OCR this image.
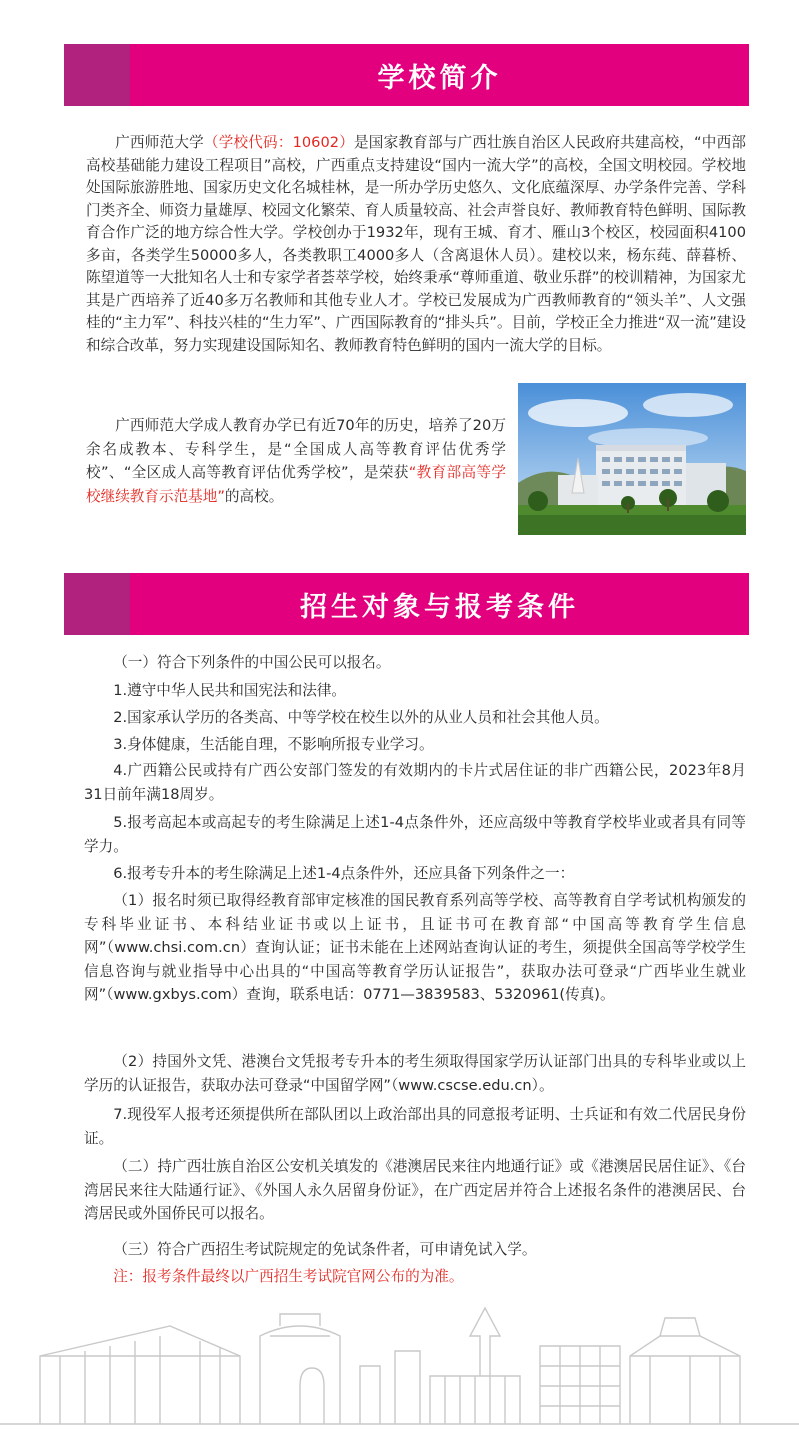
学校简介

广西师范大学（学校代码：10602）是国家教育部与广西壮族自治区人民政府共建高校，“中西部高校基础能力建设工程项目”高校，广西重点支持建设“国内一流大学”的高校，全国文明校园。学校地处国际旅游胜地、国家历史文化名城桂林，是一所办学历史悠久、文化底蕴深厚、办学条件完善、学科门类齐全、师资力量雄厚、校园文化繁荣、育人质量较高、社会声誉良好、教师教育特色鲜明、国际教育合作广泛的地方综合性大学。学校创办于1932年，现有王城、育才、雁山3个校区，校园面积4100多亩，各类学生50000多人，各类教职工4000多人（含离退休人员）。建校以来，杨东莼、薛暮桥、陈望道等一大批知名人士和专家学者荟萃学校，始终秉承“尊师重道、敬业乐群”的校训精神，为国家尤其是广西培养了近40多万名教师和其他专业人才。学校已发展成为广西教师教育的“领头羊”、人文强桂的“主力军”、科技兴桂的“生力军”、广西国际教育的“排头兵”。目前，学校正全力推进“双一流”建设和综合改革，努力实现建设国际知名、教师教育特色鲜明的国内一流大学的目标。

广西师范大学成人教育办学已有近70年的历史，培养了20万余名成教本、专科学生，是“全国成人高等教育评估优秀学校”、“全区成人高等教育评估优秀学校”，是荣获“教育部高等学校继续教育示范基地”的高校。

招生对象与报考条件

（一）符合下列条件的中国公民可以报名。

1.遵守中华人民共和国宪法和法律。

2.国家承认学历的各类高、中等学校在校生以外的从业人员和社会其他人员。

3.身体健康，生活能自理，不影响所报专业学习。

4.广西籍公民或持有广西公安部门签发的有效期内的卡片式居住证的非广西籍公民，2023年8月31日前年满18周岁。

5.报考高起本或高起专的考生除满足上述1-4点条件外，还应高级中等教育学校毕业或者具有同等学力。

6.报考专升本的考生除满足上述1-4点条件外，还应具备下列条件之一：

（1）报名时须已取得经教育部审定核准的国民教育系列高等学校、高等教育自学考试机构颁发的专科毕业证书、本科结业证书或以上证书，且证书可在教育部“中国高等教育学生信息网”（www.chsi.com.cn）查询认证；证书未能在上述网站查询认证的考生，须提供全国高等学校学生信息咨询与就业指导中心出具的“中国高等教育学历认证报告”，获取办法可登录“广西毕业生就业网”（www.gxbys.com）查询，联系电话：0771—3839583、5320961(传真)。

（2）持国外文凭、港澳台文凭报考专升本的考生须取得国家学历认证部门出具的专科毕业或以上学历的认证报告，获取办法可登录“中国留学网”（www.cscse.edu.cn）。

7.现役军人报考还须提供所在部队团以上政治部出具的同意报考证明、士兵证和有效二代居民身份证。

（二）持广西壮族自治区公安机关填发的《港澳居民来往内地通行证》或《港澳居民居住证》、《台湾居民来往大陆通行证》、《外国人永久居留身份证》，在广西定居并符合上述报名条件的港澳居民、台湾居民或外国侨民可以报名。

（三）符合广西招生考试院规定的免试条件者，可申请免试入学。

注：报考条件最终以广西招生考试院官网公布的为准。
